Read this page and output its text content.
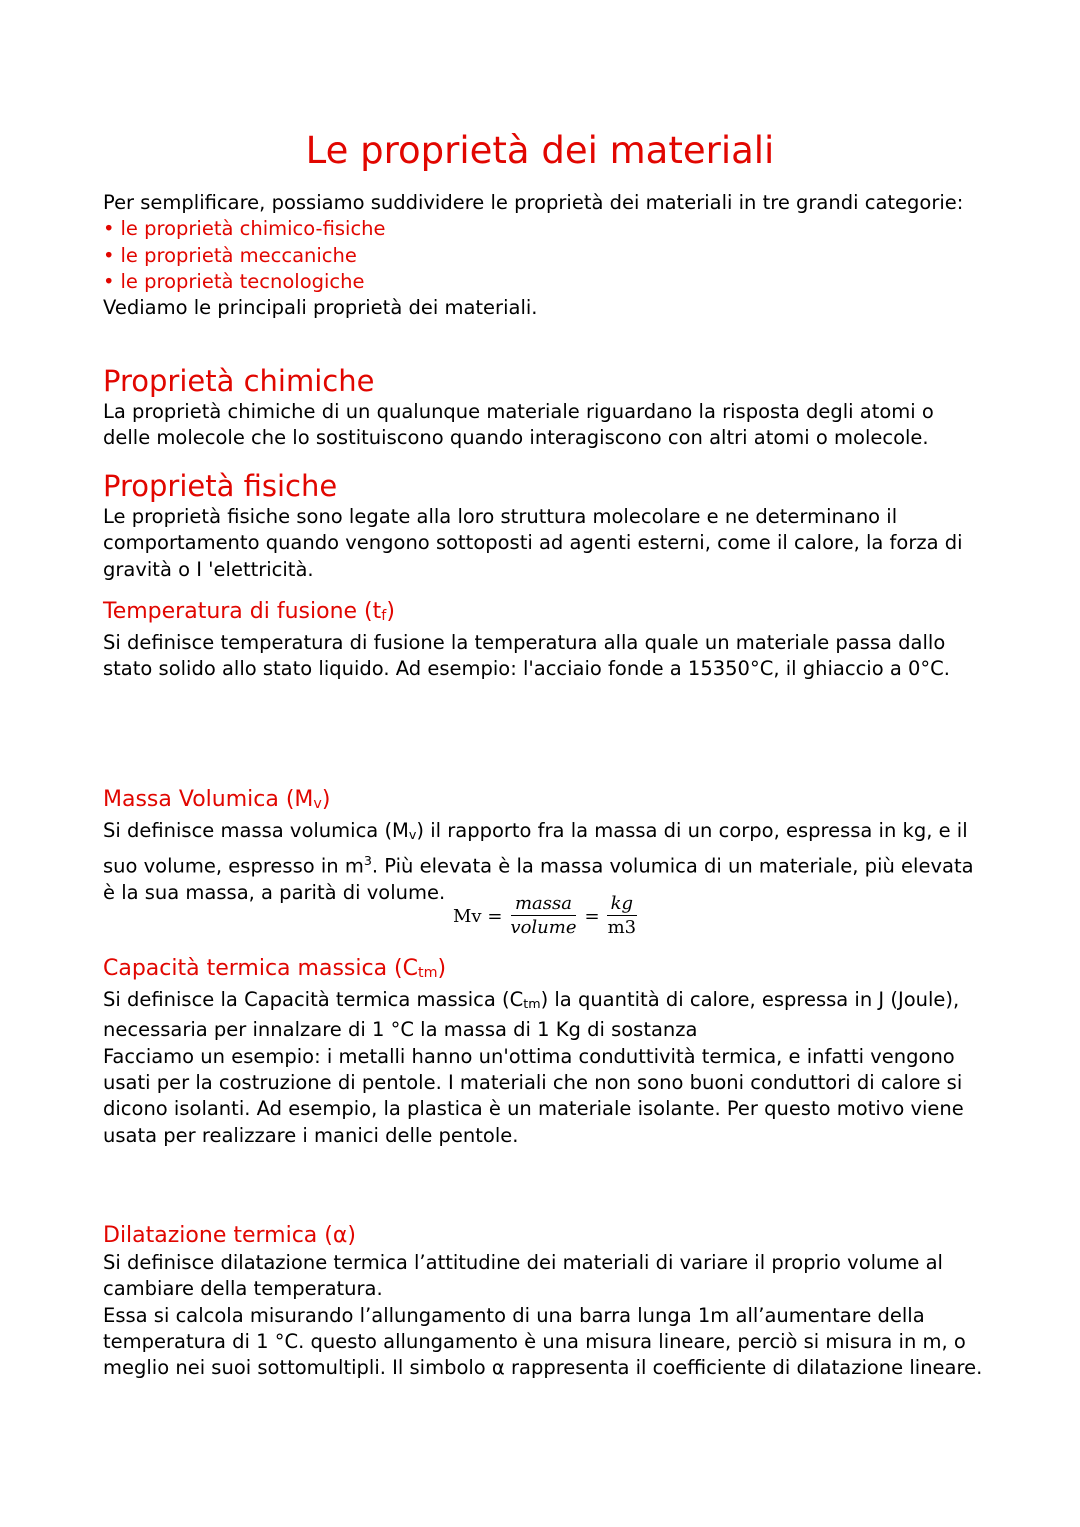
Le proprietà dei materiali

Per semplificare, possiamo suddividere le proprietà dei materiali in tre grandi categorie:

• le proprietà chimico-fisiche
• le proprietà meccaniche
• le proprietà tecnologiche

Vediamo le principali proprietà dei materiali.

Proprietà chimiche

La proprietà chimiche di un qualunque materiale riguardano la risposta degli atomi o delle molecole che lo sostituiscono quando interagiscono con altri atomi o molecole.

Proprietà fisiche

Le proprietà fisiche sono legate alla loro struttura molecolare e ne determinano il comportamento quando vengono sottoposti ad agenti esterni, come il calore, la forza di gravità o I 'elettricità.

Temperatura di fusione (tf)

Si definisce temperatura di fusione la temperatura alla quale un materiale passa dallo stato solido allo stato liquido. Ad esempio: l'acciaio fonde a 15350°C, il ghiaccio a 0°C.

Massa Volumica (Mv)

Si definisce massa volumica (Mv) il rapporto fra la massa di un corpo, espressa in kg, e il suo volume, espresso in $m^3$. Più elevata è la massa volumica di un materiale, più elevata è la sua massa, a parità di volume.

$Mv = \frac{\text{massa}}{\text{volume}} = \frac{kg}{m3}$
Capacità termica massica (Ctm)

Si definisce la Capacità termica massica (Ctm) la quantità di calore, espressa in J (Joule), necessaria per innalzare di 1 °C la massa di 1 Kg di sostanza

Facciamo un esempio: i metalli hanno un'ottima conduttività termica, e infatti vengono usati per la costruzione di pentole. I materiali che non sono buoni conduttori di calore si dicono isolanti. Ad esempio, la plastica è un materiale isolante. Per questo motivo viene usata per realizzare i manici delle pentole.

Dilatazione termica (α)

Si definisce dilatazione termica l’attitudine dei materiali di variare il proprio volume al cambiare della temperatura.

Essa si calcola misurando l’allungamento di una barra lunga 1m all’aumentare della temperatura di 1 °C. questo allungamento è una misura lineare, perciò si misura in m, o meglio nei suoi sottomultipli. Il simbolo α rappresenta il coefficiente di dilatazione lineare.
